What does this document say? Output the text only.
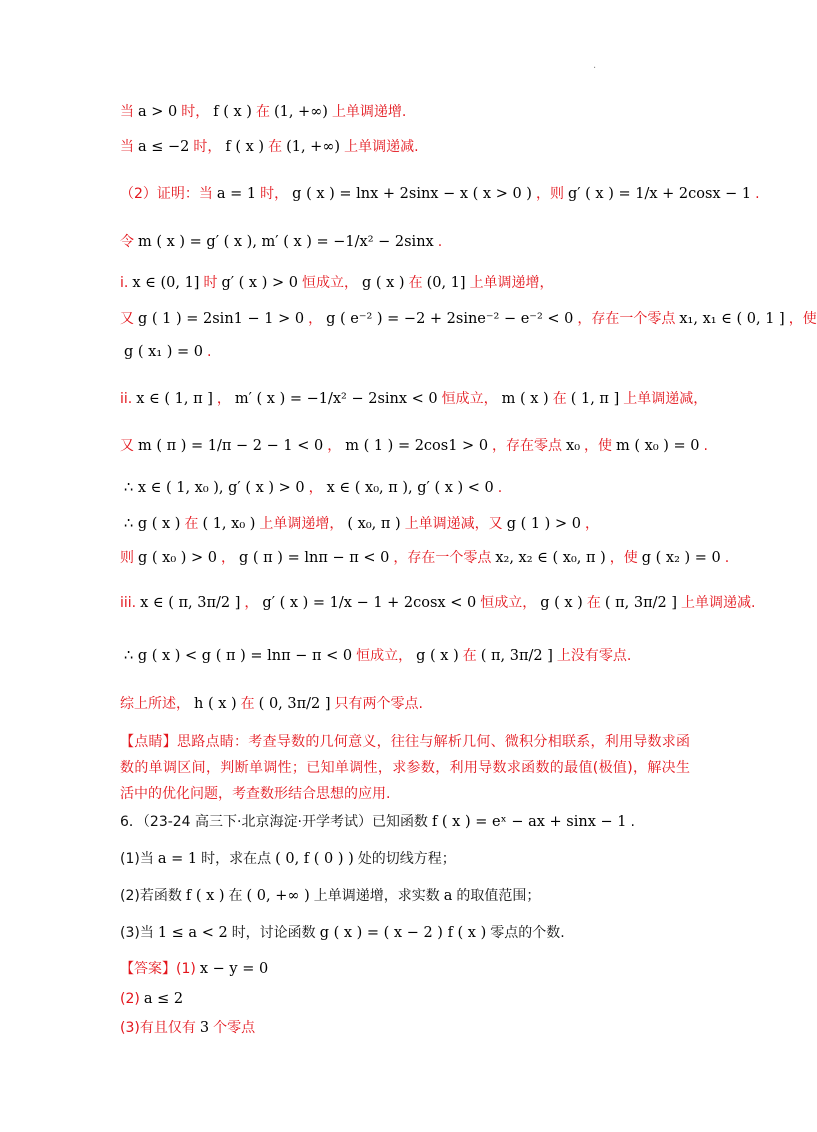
.
当 a > 0 时， f ( x ) 在 (1, +∞) 上单调递增.
当 a ≤ −2 时， f ( x ) 在 (1, +∞) 上单调递减.
（2）证明：当 a = 1 时， g ( x ) = lnx + 2sinx − x ( x > 0 ) ，则 g′ ( x ) = 1/x + 2cosx − 1 .
令 m ( x ) = g′ ( x ), m′ ( x ) = −1/x² − 2sinx .
i. x ∈ (0, 1] 时 g′ ( x ) > 0 恒成立， g ( x ) 在 (0, 1] 上单调递增，
又 g ( 1 ) = 2sin1 − 1 > 0 ， g ( e⁻² ) = −2 + 2sine⁻² − e⁻² < 0 ，存在一个零点 x₁, x₁ ∈ ( 0, 1 ] ，使
g ( x₁ ) = 0 .
ii. x ∈ ( 1, π ] ， m′ ( x ) = −1/x² − 2sinx < 0 恒成立， m ( x ) 在 ( 1, π ] 上单调递减，
又 m ( π ) = 1/π − 2 − 1 < 0 ， m ( 1 ) = 2cos1 > 0 ，存在零点 x₀ ，使 m ( x₀ ) = 0 .
∴ x ∈ ( 1, x₀ ), g′ ( x ) > 0 ， x ∈ ( x₀, π ), g′ ( x ) < 0 .
∴ g ( x ) 在 ( 1, x₀ ) 上单调递增， ( x₀, π ) 上单调递减，又 g ( 1 ) > 0 ，
则 g ( x₀ ) > 0 ， g ( π ) = lnπ − π < 0 ，存在一个零点 x₂, x₂ ∈ ( x₀, π ) ，使 g ( x₂ ) = 0 .
iii. x ∈ ( π, 3π/2 ] ， g′ ( x ) = 1/x − 1 + 2cosx < 0 恒成立， g ( x ) 在 ( π, 3π/2 ] 上单调递减.
∴ g ( x ) < g ( π ) = lnπ − π < 0 恒成立， g ( x ) 在 ( π, 3π/2 ] 上没有零点.
综上所述， h ( x ) 在 ( 0, 3π/2 ] 只有两个零点.
【点睛】思路点睛：考查导数的几何意义，往往与解析几何、微积分相联系，利用导数求函数的单调区间，判断单调性；已知单调性，求参数，利用导数求函数的最值(极值)，解决生活中的优化问题，考查数形结合思想的应用.
6．（23-24 高三下·北京海淀·开学考试）已知函数 f ( x ) = eˣ − ax + sinx − 1 .
(1)当 a = 1 时，求在点 ( 0, f ( 0 ) ) 处的切线方程；
(2)若函数 f ( x ) 在 ( 0, +∞ ) 上单调递增，求实数 a 的取值范围；
(3)当 1 ≤ a < 2 时，讨论函数 g ( x ) = ( x − 2 ) f ( x ) 零点的个数.
【答案】(1) x − y = 0
(2) a ≤ 2
(3)有且仅有 3 个零点
